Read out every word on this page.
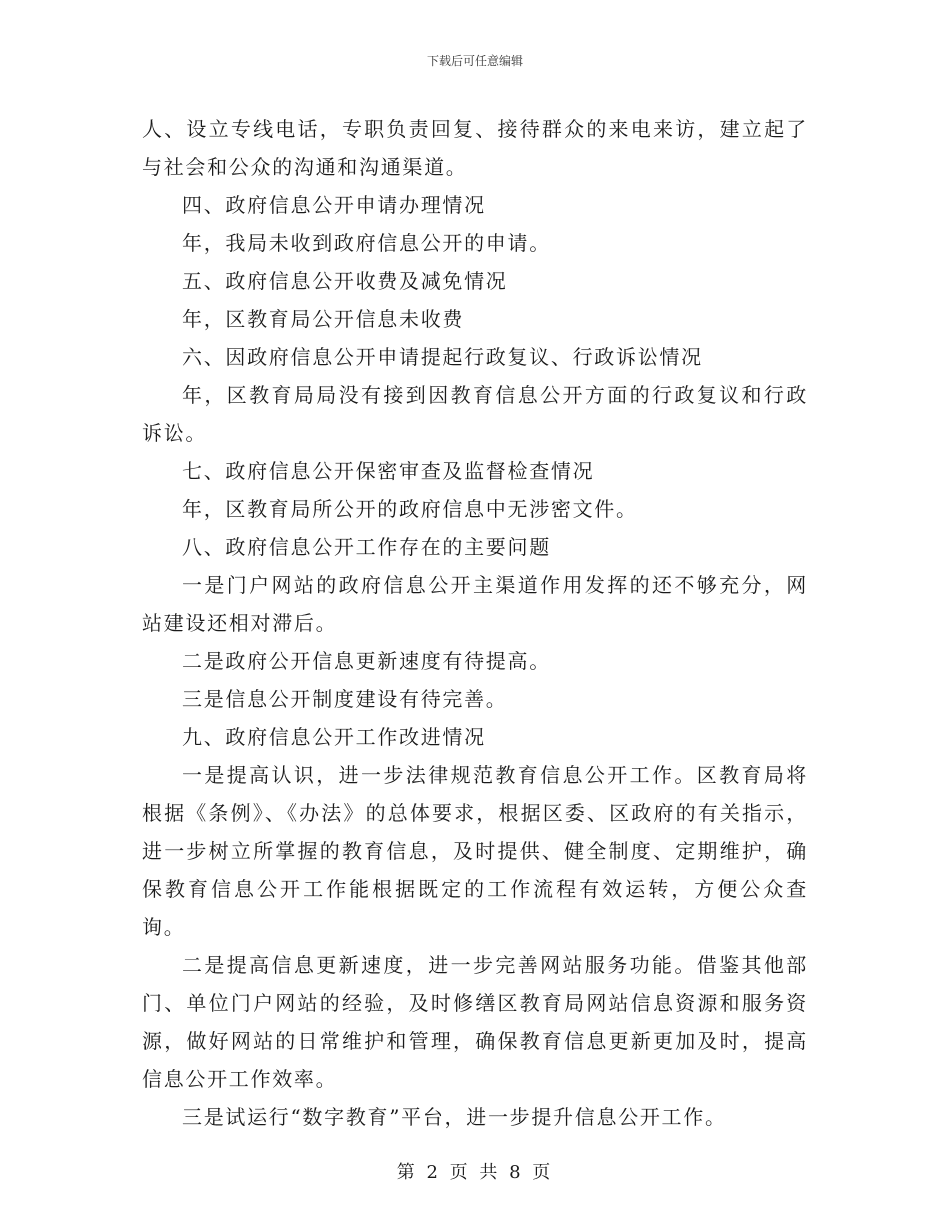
下载后可任意编辑

人、设立专线电话，专职负责回复、接待群众的来电来访，建立起了与社会和公众的沟通和沟通渠道。

四、政府信息公开申请办理情况

年，我局未收到政府信息公开的申请。

五、政府信息公开收费及减免情况

年，区教育局公开信息未收费

六、因政府信息公开申请提起行政复议、行政诉讼情况

年，区教育局局没有接到因教育信息公开方面的行政复议和行政诉讼。

七、政府信息公开保密审查及监督检查情况

年，区教育局所公开的政府信息中无涉密文件。

八、政府信息公开工作存在的主要问题

一是门户网站的政府信息公开主渠道作用发挥的还不够充分，网站建设还相对滞后。

二是政府公开信息更新速度有待提高。

三是信息公开制度建设有待完善。

九、政府信息公开工作改进情况

一是提高认识，进一步法律规范教育信息公开工作。区教育局将根据《条例》、《办法》的总体要求，根据区委、区政府的有关指示，进一步树立所掌握的教育信息，及时提供、健全制度、定期维护，确保教育信息公开工作能根据既定的工作流程有效运转，方便公众查询。

二是提高信息更新速度，进一步完善网站服务功能。借鉴其他部门、单位门户网站的经验，及时修缮区教育局网站信息资源和服务资源，做好网站的日常维护和管理，确保教育信息更新更加及时，提高信息公开工作效率。

三是试运行“数字教育”平台，进一步提升信息公开工作。

第 2 页 共 8 页
